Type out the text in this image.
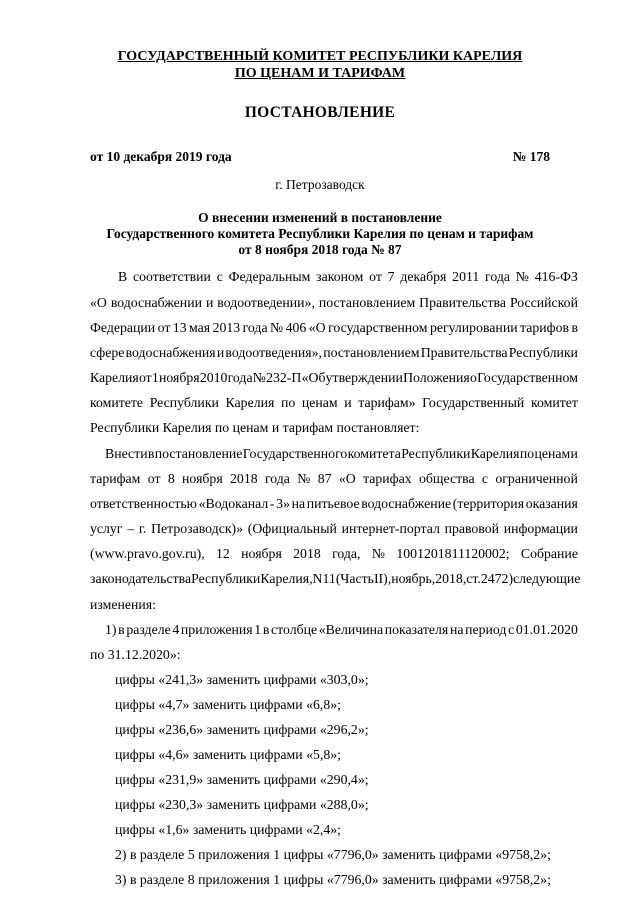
ГОСУДАРСТВЕННЫЙ КОМИТЕТ РЕСПУБЛИКИ КАРЕЛИЯ
ПО ЦЕНАМ И ТАРИФАМ
ПОСТАНОВЛЕНИЕ
от 10 декабря 2019 года	№ 178
г. Петрозаводск
О внесении изменений в постановление
Государственного комитета Республики Карелия по ценам и тарифам
от 8 ноября 2018 года № 87
В соответствии с Федеральным законом от 7 декабря 2011 года № 416-ФЗ
«О водоснабжении и водоотведении», постановлением Правительства Российской
Федерации от 13 мая 2013 года № 406 «О государственном регулировании тарифов в
сфере водоснабжения и водоотведения», постановлением Правительства Республики
Карелия от 1 ноября 2010 года № 232-П «Об утверждении Положения о Государственном
комитете Республики Карелия по ценам и тарифам» Государственный комитет
Республики Карелия по ценам и тарифам постановляет:
Внести в постановление Государственного комитета Республики Карелия по ценам и
тарифам от 8 ноября 2018 года № 87 «О тарифах общества с ограниченной
ответственностью «Водоканал - 3» на питьевое водоснабжение (территория оказания
услуг – г. Петрозаводск)» (Официальный интернет-портал правовой информации
(www.pravo.gov.ru), 12 ноября 2018 года, № 1001201811120002; Собрание
законодательства Республики Карелия, N 11 (Часть II), ноябрь, 2018, ст. 2472) следующие
изменения:
1) в разделе 4 приложения 1 в столбце «Величина показателя на период с 01.01.2020
по 31.12.2020»:
цифры «241,3» заменить цифрами «303,0»;
цифры «4,7» заменить цифрами «6,8»;
цифры «236,6» заменить цифрами «296,2»;
цифры «4,6» заменить цифрами «5,8»;
цифры «231,9» заменить цифрами «290,4»;
цифры «230,3» заменить цифрами «288,0»;
цифры «1,6» заменить цифрами «2,4»;
2) в разделе 5 приложения 1 цифры «7796,0» заменить цифрами «9758,2»;
3) в разделе 8 приложения 1 цифры «7796,0» заменить цифрами «9758,2»;
